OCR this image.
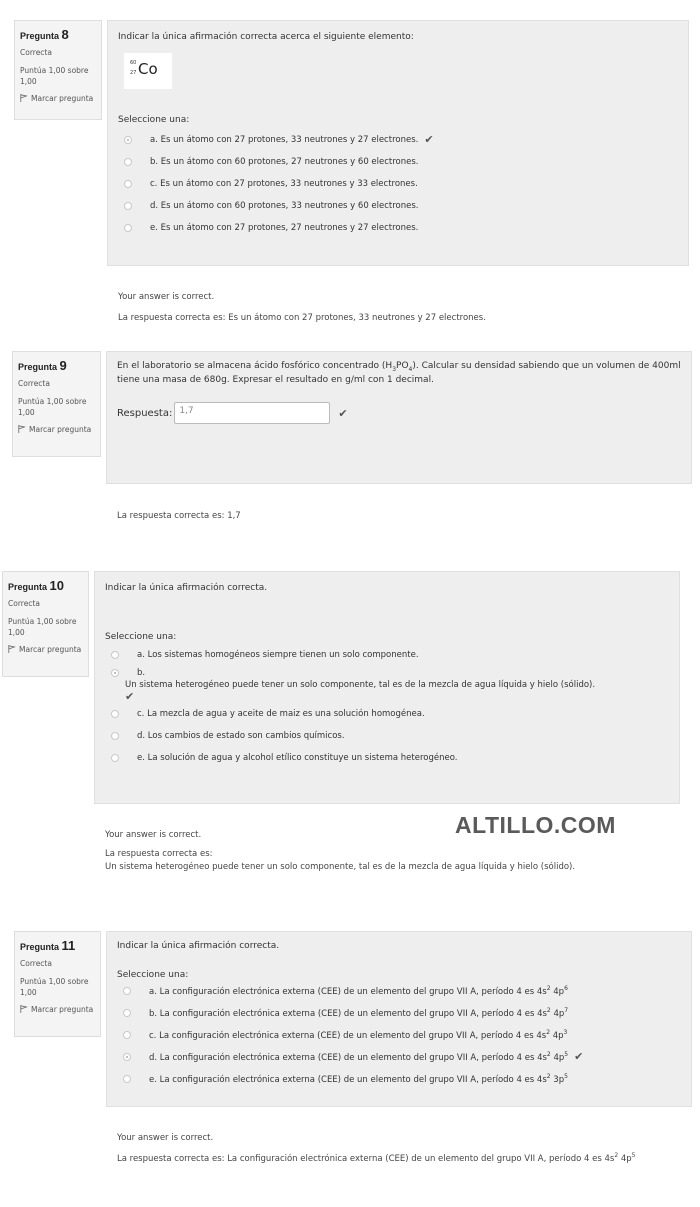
Pregunta 8
Correcta
Puntúa 1,00 sobre 1,00
Marcar pregunta
Indicar la única afirmación correcta acerca el siguiente elemento:
60
27 Co
Seleccione una:
a. Es un átomo con 27 protones, 33 neutrones y 27 electrones. ✔
b. Es un átomo con 60 protones, 27 neutrones y 60 electrones.
c. Es un átomo con 27 protones, 33 neutrones y 33 electrones.
d. Es un átomo con 60 protones, 33 neutrones y 60 electrones.
e. Es un átomo con 27 protones, 27 neutrones y 27 electrones.
Your answer is correct.
La respuesta correcta es: Es un átomo con 27 protones, 33 neutrones y 27 electrones.
Pregunta 9
Correcta
Puntúa 1,00 sobre 1,00
Marcar pregunta
En el laboratorio se almacena ácido fosfórico concentrado $(H_3PO_4)$. Calcular su densidad sabiendo que un volumen de 400ml tiene una masa de 680g. Expresar el resultado en g/ml con 1 decimal.
Respuesta: 1,7	✔
La respuesta correcta es: 1,7
Pregunta 10
Correcta
Puntúa 1,00 sobre 1,00
Marcar pregunta
Indicar la única afirmación correcta.
Seleccione una:
a. Los sistemas homogéneos siempre tienen un solo componente.
b.
Un sistema heterogéneo puede tener un solo componente, tal es de la mezcla de agua líquida y hielo (sólido).
✔
c. La mezcla de agua y aceite de maiz es una solución homogénea.
d. Los cambios de estado son cambios químicos.
e. La solución de agua y alcohol etílico constituye un sistema heterogéneo.
Your answer is correct.
La respuesta correcta es:
Un sistema heterogéneo puede tener un solo componente, tal es de la mezcla de agua líquida y hielo (sólido).
ALTILLO.COM
Pregunta 11
Correcta
Puntúa 1,00 sobre 1,00
Marcar pregunta
Indicar la única afirmación correcta.
Seleccione una:
a. La configuración electrónica externa (CEE) de un elemento del grupo VII A, período 4 es $4s^2$ $4p^6$
b. La configuración electrónica externa (CEE) de un elemento del grupo VII A, período 4 es $4s^2$ $4p^7$
c. La configuración electrónica externa (CEE) de un elemento del grupo VII A, período 4 es $4s^2$ $4p^3$
d. La configuración electrónica externa (CEE) de un elemento del grupo VII A, período 4 es $4s^2$ $4p^5$ ✔
e. La configuración electrónica externa (CEE) de un elemento del grupo VII A, período 4 es $4s^2$ $3p^5$
Your answer is correct.
La respuesta correcta es: La configuración electrónica externa (CEE) de un elemento del grupo VII A, período 4 es $4s^2$ $4p^5$
